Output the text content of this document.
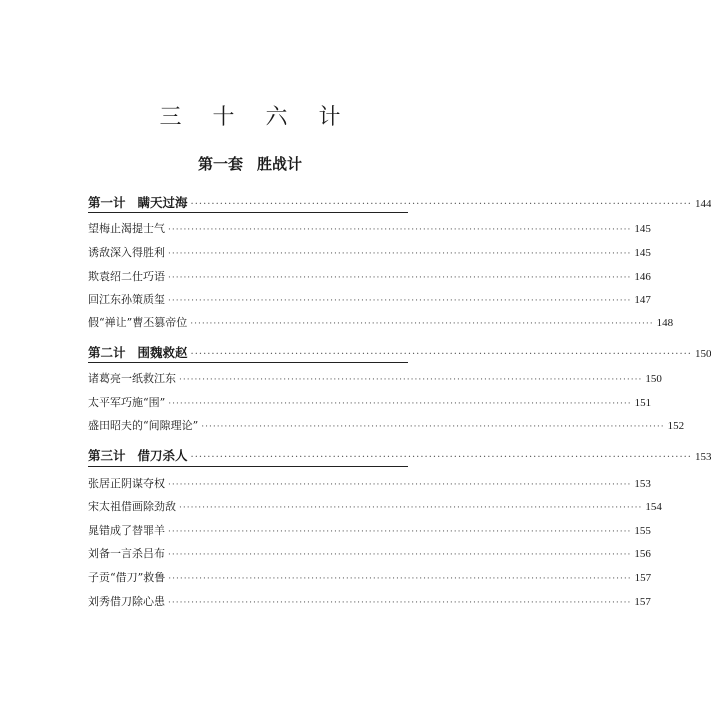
三 十 六 计
第一套 胜战计
第一计 瞒天过海 ························································································································ 144
望梅止渴提士气 ························································································································ 145
诱敌深入得胜利 ························································································································ 145
欺袁绍二仕巧语 ························································································································ 146
回江东孙策质玺 ························································································································ 147
假“禅让”曹丕篡帝位 ························································································································ 148
第二计 围魏救赵 ························································································································ 150
诸葛亮一纸救江东 ························································································································ 150
太平军巧施“围” ························································································································ 151
盛田昭夫的“间隙理论” ························································································································ 152
第三计 借刀杀人 ························································································································ 153
张居正阴谋夺权 ························································································································ 153
宋太祖借画除劲敌 ························································································································ 154
晁错成了替罪羊 ························································································································ 155
刘备一言杀吕布 ························································································································ 156
子贡“借刀”救鲁 ························································································································ 157
刘秀借刀除心患 ························································································································ 157
